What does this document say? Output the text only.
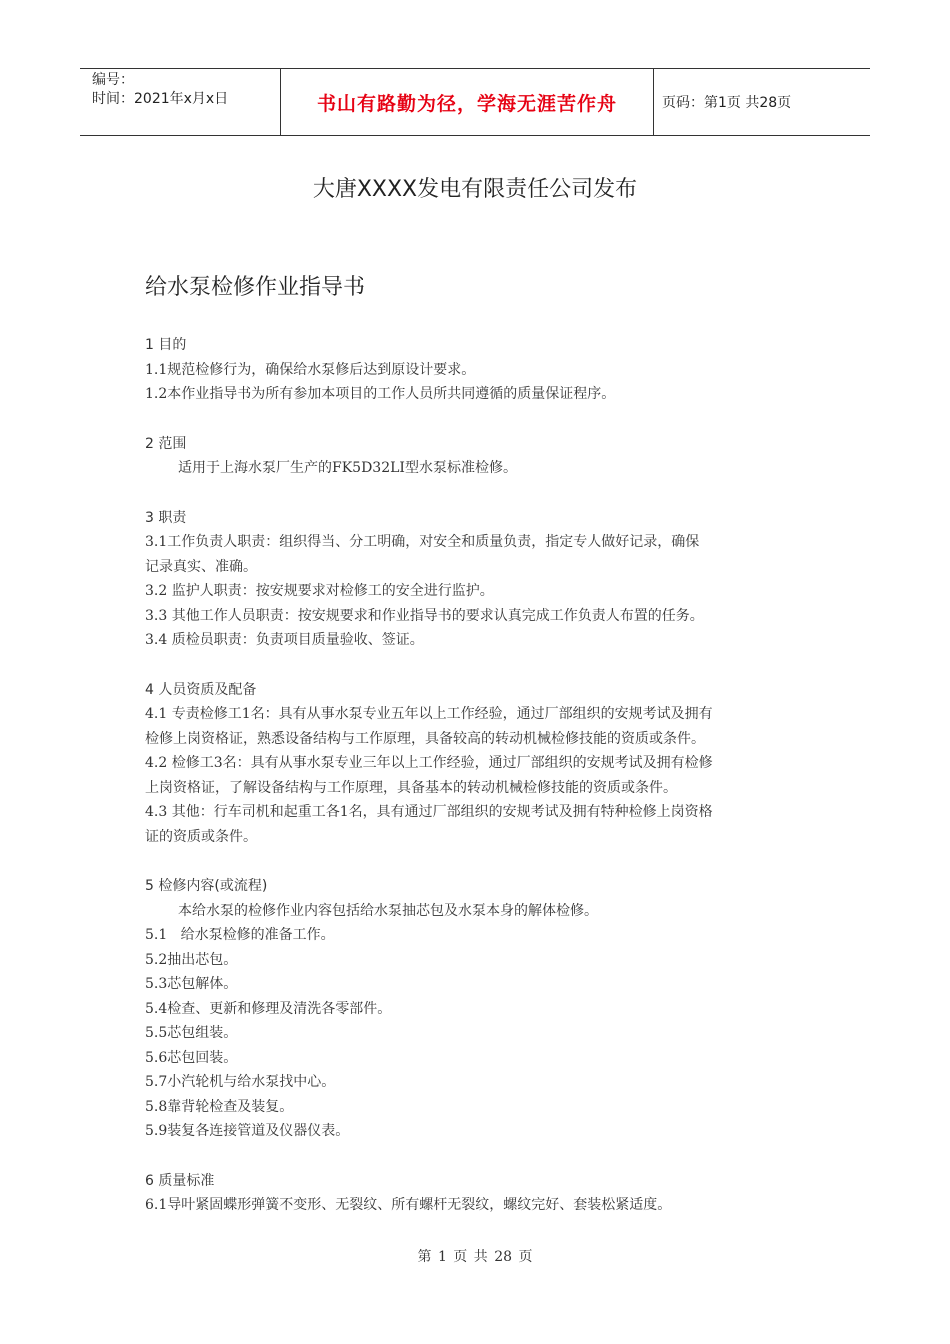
编号：
时间：2021年x月x日	书山有路勤为径，学海无涯苦作舟	页码：第1页 共28页
大唐XXXX发电有限责任公司发布
给水泵检修作业指导书
1 目的
1.1规范检修行为，确保给水泵修后达到原设计要求。
1.2本作业指导书为所有参加本项目的工作人员所共同遵循的质量保证程序。
2 范围
适用于上海水泵厂生产的FK5D32LI型水泵标准检修。
3 职责
3.1工作负责人职责：组织得当、分工明确，对安全和质量负责，指定专人做好记录，确保
记录真实、准确。
3.2 监护人职责：按安规要求对检修工的安全进行监护。
3.3 其他工作人员职责：按安规要求和作业指导书的要求认真完成工作负责人布置的任务。
3.4 质检员职责：负责项目质量验收、签证。
4 人员资质及配备
4.1 专责检修工1名：具有从事水泵专业五年以上工作经验，通过厂部组织的安规考试及拥有
检修上岗资格证，熟悉设备结构与工作原理，具备较高的转动机械检修技能的资质或条件。
4.2 检修工3名：具有从事水泵专业三年以上工作经验，通过厂部组织的安规考试及拥有检修
上岗资格证，了解设备结构与工作原理，具备基本的转动机械检修技能的资质或条件。
4.3 其他：行车司机和起重工各1名，具有通过厂部组织的安规考试及拥有特种检修上岗资格
证的资质或条件。
5 检修内容(或流程)
本给水泵的检修作业内容包括给水泵抽芯包及水泵本身的解体检修。
5.1   给水泵检修的准备工作。
5.2抽出芯包。
5.3芯包解体。
5.4检查、更新和修理及清洗各零部件。
5.5芯包组装。
5.6芯包回装。
5.7小汽轮机与给水泵找中心。
5.8靠背轮检查及装复。
5.9装复各连接管道及仪器仪表。
6 质量标准
6.1导叶紧固蝶形弹簧不变形、无裂纹、所有螺杆无裂纹，螺纹完好、套装松紧适度。
第 1 页 共 28 页
